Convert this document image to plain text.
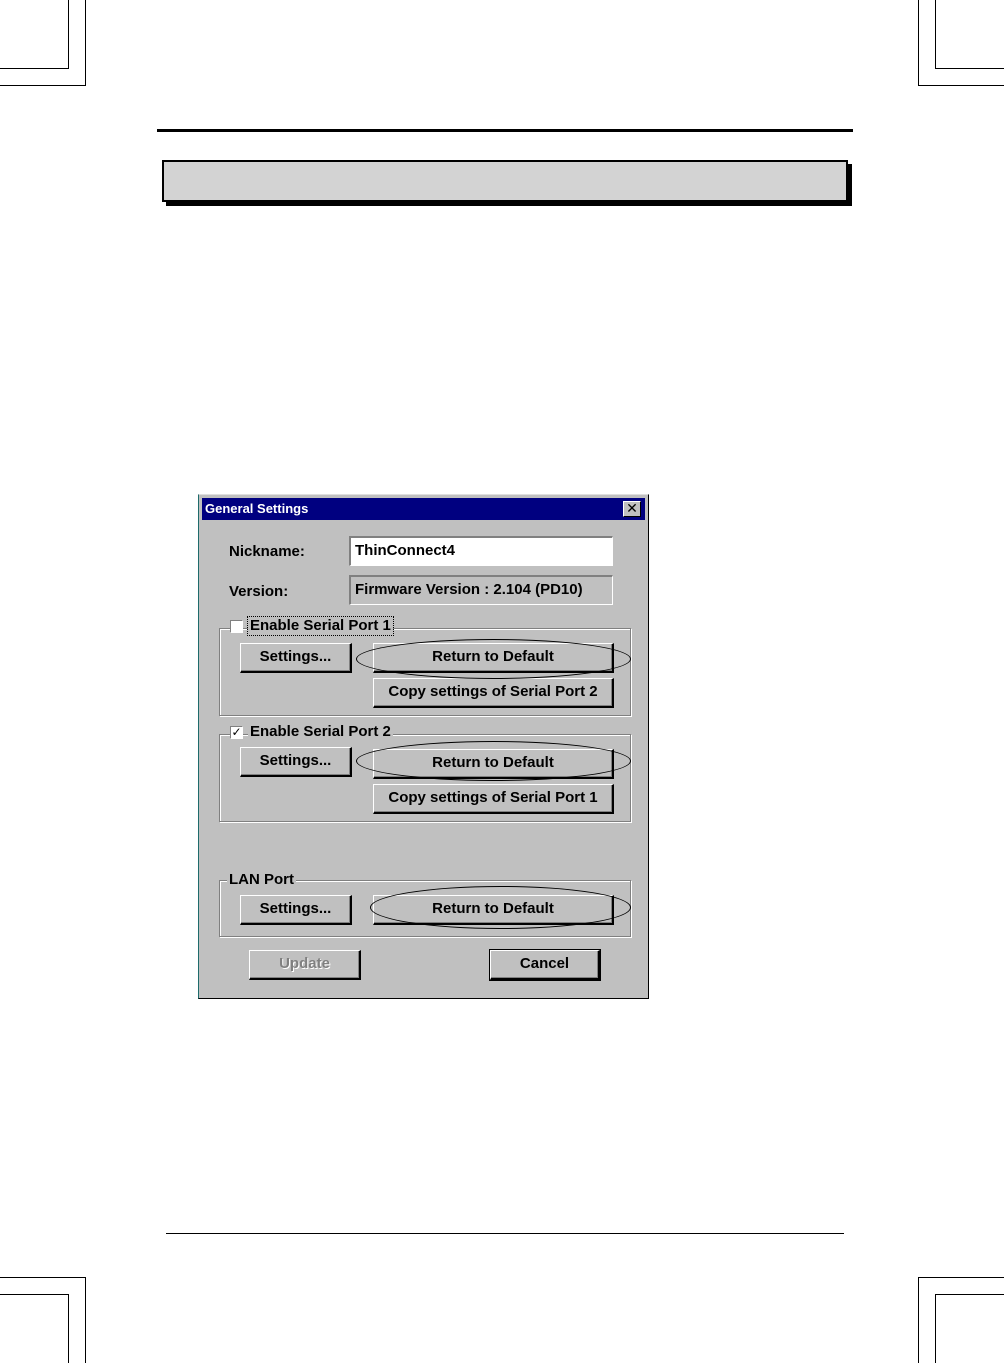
General Settings	✕
Nickname:	ThinConnect4
Version:	Firmware Version : 2.104 (PD10)
Enable Serial Port 1
Settings...	Return to Default
Copy settings of Serial Port 2
✓ Enable Serial Port 2
Settings...	Return to Default
Copy settings of Serial Port 1
LAN Port
Settings...	Return to Default
Update	Cancel
